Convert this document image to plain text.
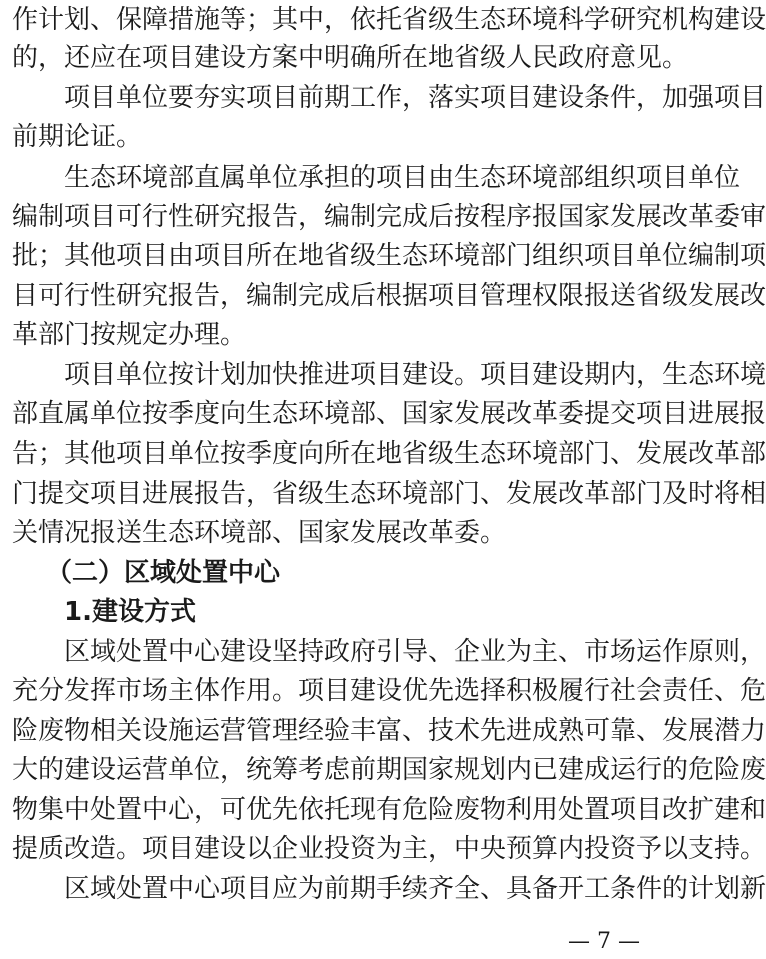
作计划、保障措施等；其中，依托省级生态环境科学研究机构建设
的，还应在项目建设方案中明确所在地省级人民政府意见。
项目单位要夯实项目前期工作，落实项目建设条件，加强项目
前期论证。
生态环境部直属单位承担的项目由生态环境部组织项目单位
编制项目可行性研究报告，编制完成后按程序报国家发展改革委审
批；其他项目由项目所在地省级生态环境部门组织项目单位编制项
目可行性研究报告，编制完成后根据项目管理权限报送省级发展改
革部门按规定办理。
项目单位按计划加快推进项目建设。项目建设期内，生态环境
部直属单位按季度向生态环境部、国家发展改革委提交项目进展报
告；其他项目单位按季度向所在地省级生态环境部门、发展改革部
门提交项目进展报告，省级生态环境部门、发展改革部门及时将相
关情况报送生态环境部、国家发展改革委。
（二）区域处置中心
1.建设方式
区域处置中心建设坚持政府引导、企业为主、市场运作原则，
充分发挥市场主体作用。项目建设优先选择积极履行社会责任、危
险废物相关设施运营管理经验丰富、技术先进成熟可靠、发展潜力
大的建设运营单位，统筹考虑前期国家规划内已建成运行的危险废
物集中处置中心，可优先依托现有危险废物利用处置项目改扩建和
提质改造。项目建设以企业投资为主，中央预算内投资予以支持。
区域处置中心项目应为前期手续齐全、具备开工条件的计划新
— 7 —
